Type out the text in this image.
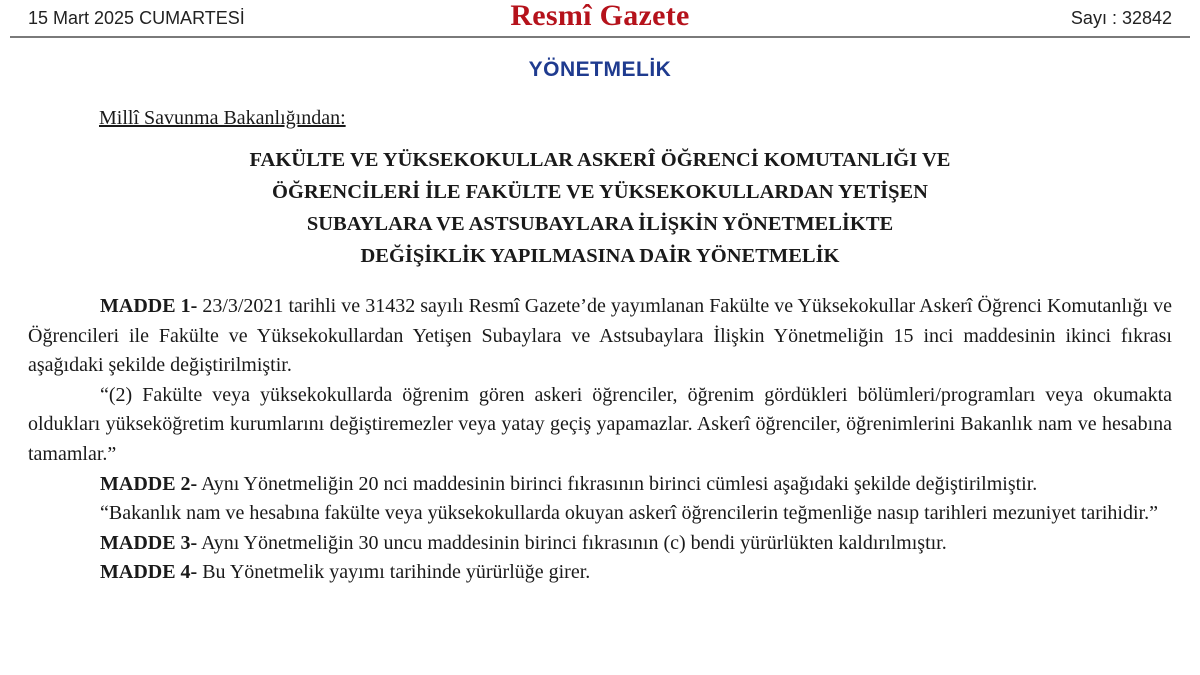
15 Mart 2025 CUMARTESİ	Resmî Gazete	Sayı : 32842
YÖNETMELİK
Millî Savunma Bakanlığından:
FAKÜLTE VE YÜKSEKOKULLAR ASKERÎ ÖĞRENCİ KOMUTANLIĞI VE
ÖĞRENCİLERİ İLE FAKÜLTE VE YÜKSEKOKULLARDAN YETİŞEN
SUBAYLARA VE ASTSUBAYLARA İLİŞKİN YÖNETMELİKTE
DEĞİŞİKLİK YAPILMASINA DAİR YÖNETMELİK

MADDE 1- 23/3/2021 tarihli ve 31432 sayılı Resmî Gazete’de yayımlanan Fakülte ve Yüksekokullar Askerî Öğrenci Komutanlığı ve Öğrencileri ile Fakülte ve Yüksekokullardan Yetişen Subaylara ve Astsubaylara İlişkin Yönetmeliğin 15 inci maddesinin ikinci fıkrası aşağıdaki şekilde değiştirilmiştir.

“(2) Fakülte veya yüksekokullarda öğrenim gören askeri öğrenciler, öğrenim gördükleri bölümleri/programları veya okumakta oldukları yükseköğretim kurumlarını değiştiremezler veya yatay geçiş yapamazlar. Askerî öğrenciler, öğrenimlerini Bakanlık nam ve hesabına tamamlar.”

MADDE 2- Aynı Yönetmeliğin 20 nci maddesinin birinci fıkrasının birinci cümlesi aşağıdaki şekilde değiştirilmiştir.

“Bakanlık nam ve hesabına fakülte veya yüksekokullarda okuyan askerî öğrencilerin teğmenliğe nasıp tarihleri mezuniyet tarihidir.”

MADDE 3- Aynı Yönetmeliğin 30 uncu maddesinin birinci fıkrasının (c) bendi yürürlükten kaldırılmıştır.

MADDE 4- Bu Yönetmelik yayımı tarihinde yürürlüğe girer.
